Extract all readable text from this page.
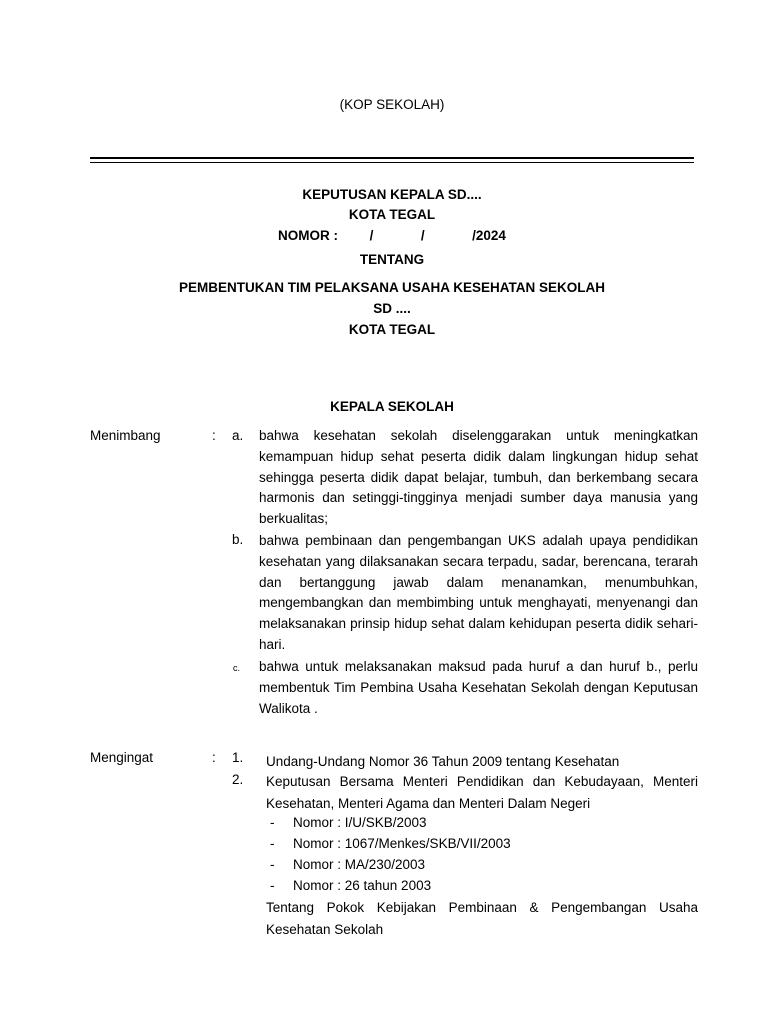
(KOP SEKOLAH)
KEPUTUSAN KEPALA SD....
KOTA TEGAL
NOMOR : /	/	/2024
TENTANG
PEMBENTUKAN TIM PELAKSANA USAHA KESEHATAN SEKOLAH
SD ....
KOTA TEGAL
KEPALA SEKOLAH
Menimbang	: a. bahwa kesehatan sekolah diselenggarakan untuk meningkatkan kemampuan hidup sehat peserta didik dalam lingkungan hidup sehat sehingga peserta didik dapat belajar, tumbuh, dan berkembang secara harmonis dan setinggi-tingginya menjadi sumber daya manusia yang berkualitas;

b. bahwa pembinaan dan pengembangan UKS adalah upaya pendidikan kesehatan yang dilaksanakan secara terpadu, sadar, berencana, terarah dan bertanggung jawab dalam menanamkan, menumbuhkan, mengembangkan dan membimbing untuk menghayati, menyenangi dan melaksanakan prinsip hidup sehat dalam kehidupan peserta didik sehari-hari.

c. bahwa untuk melaksanakan maksud pada huruf a dan huruf b., perlu membentuk Tim Pembina Usaha Kesehatan Sekolah dengan Keputusan Walikota .

Mengingat	: 1. Undang-Undang Nomor 36 Tahun 2009 tentang Kesehatan

2. Keputusan Bersama Menteri Pendidikan dan Kebudayaan, Menteri Kesehatan, Menteri Agama dan Menteri Dalam Negeri

- Nomor : I/U/SKB/2003
- Nomor : 1067/Menkes/SKB/VII/2003
- Nomor : MA/230/2003
- Nomor : 26 tahun 2003

Tentang Pokok Kebijakan Pembinaan & Pengembangan Usaha Kesehatan Sekolah
